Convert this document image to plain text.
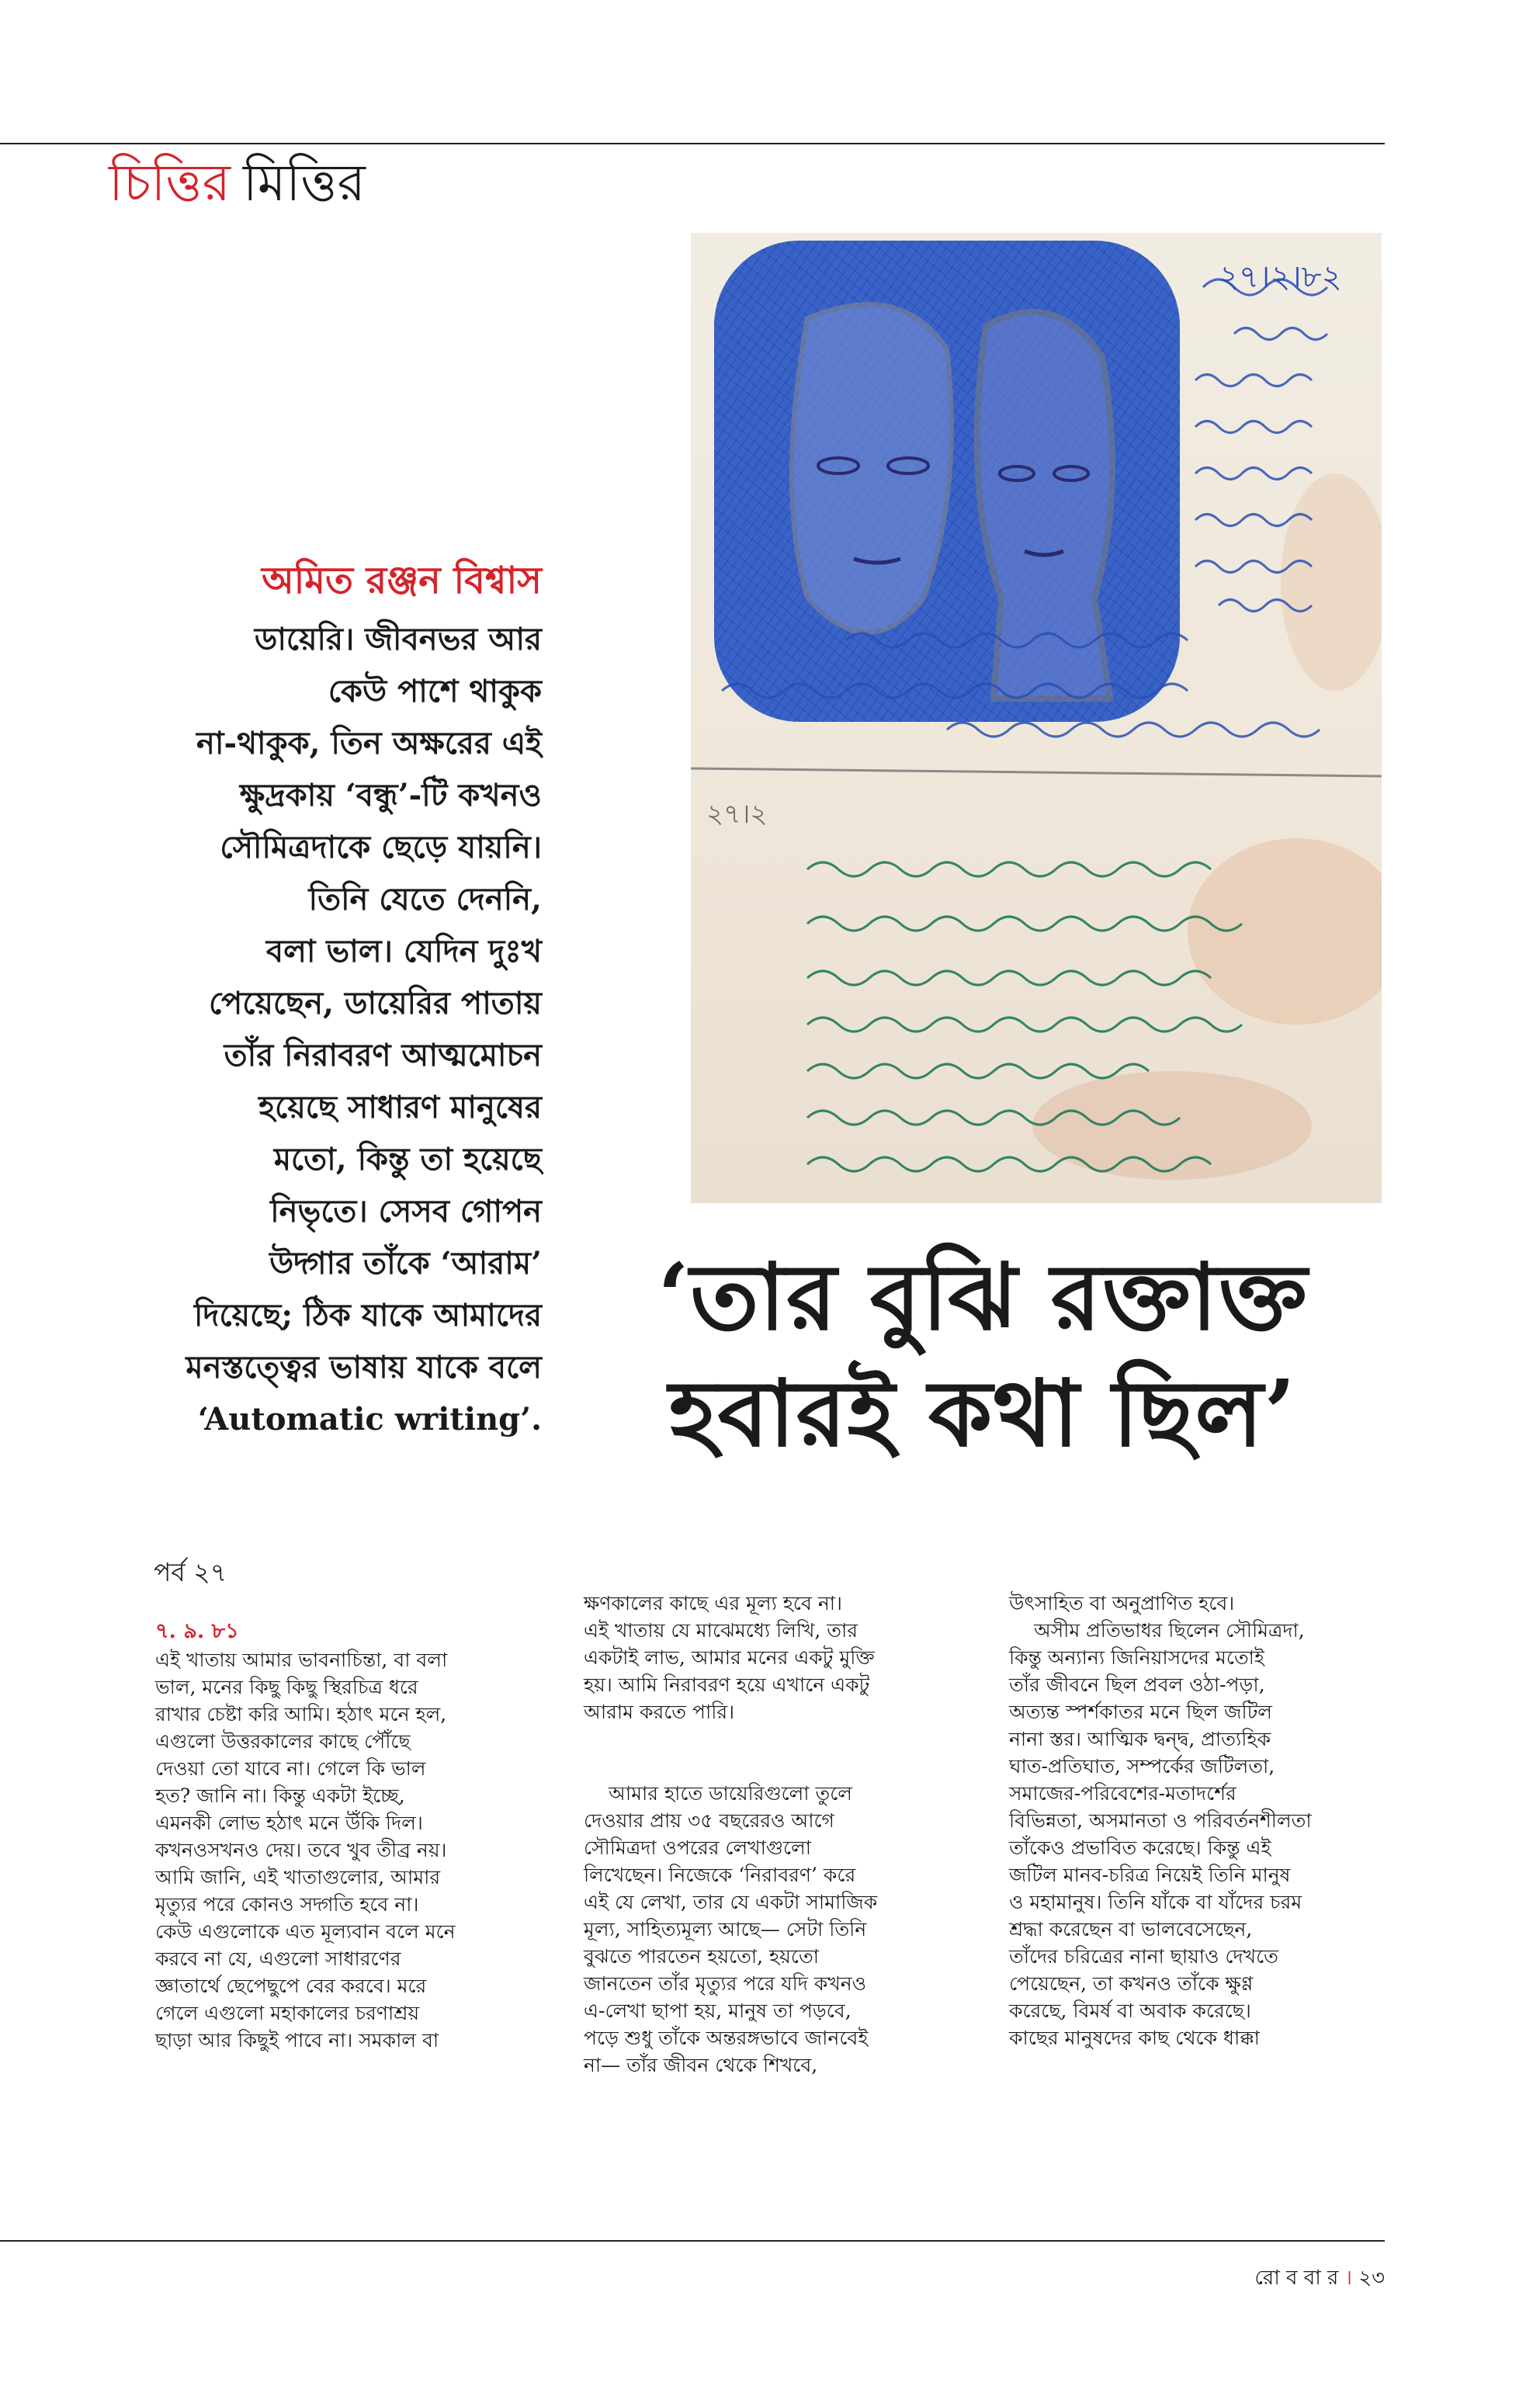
চিত্তির মিত্তির
২৭।২।৮২
২৭।২
অমিত রঞ্জন বিশ্বাস
ডায়েরি। জীবনভর আর
কেউ পাশে থাকুক
না-থাকুক, তিন অক্ষরের এই
ক্ষুদ্রকায় ‘বন্ধু’-টি কখনও
সৌমিত্রদাকে ছেড়ে যায়নি।
তিনি যেতে দেননি,
বলা ভাল। যেদিন দুঃখ
পেয়েছেন, ডায়েরির পাতায়
তাঁর নিরাবরণ আত্মমোচন
হয়েছে সাধারণ মানুষের
মতো, কিন্তু তা হয়েছে
নিভৃতে। সেসব গোপন
উদ্গার তাঁকে ‘আরাম’
দিয়েছে; ঠিক যাকে আমাদের
মনস্তত্ত্বের ভাষায় যাকে বলে
‘Automatic writing’.
‘তার বুঝি রক্তাক্ত
হবারই কথা ছিল’
পর্ব ২৭
৭. ৯. ৮১

এই খাতায় আমার ভাবনাচিন্তা, বা বলা

ভাল, মনের কিছু কিছু স্থিরচিত্র ধরে

রাখার চেষ্টা করি আমি। হঠাৎ মনে হল,

এগুলো উত্তরকালের কাছে পৌঁছে

দেওয়া তো যাবে না। গেলে কি ভাল

হত? জানি না। কিন্তু একটা ইচ্ছে,

এমনকী লোভ হঠাৎ মনে উঁকি দিল।

কখনওসখনও দেয়। তবে খুব তীব্র নয়।

আমি জানি, এই খাতাগুলোর, আমার

মৃত্যুর পরে কোনও সদ্গতি হবে না।

কেউ এগুলোকে এত মূল্যবান বলে মনে

করবে না যে, এগুলো সাধারণের

জ্ঞাতার্থে ছেপেছুপে বের করবে। মরে

গেলে এগুলো মহাকালের চরণাশ্রয়

ছাড়া আর কিছুই পাবে না। সমকাল বা

ক্ষণকালের কাছে এর মূল্য হবে না।

এই খাতায় যে মাঝেমধ্যে লিখি, তার

একটাই লাভ, আমার মনের একটু মুক্তি

হয়। আমি নিরাবরণ হয়ে এখানে একটু

আরাম করতে পারি।

আমার হাতে ডায়েরিগুলো তুলে

দেওয়ার প্রায় ৩৫ বছরেরও আগে

সৌমিত্রদা ওপরের লেখাগুলো

লিখেছেন। নিজেকে ‘নিরাবরণ’ করে

এই যে লেখা, তার যে একটা সামাজিক

মূল্য, সাহিত্যমূল্য আছে— সেটা তিনি

বুঝতে পারতেন হয়তো, হয়তো

জানতেন তাঁর মৃত্যুর পরে যদি কখনও

এ-লেখা ছাপা হয়, মানুষ তা পড়বে,

পড়ে শুধু তাঁকে অন্তরঙ্গভাবে জানবেই

না— তাঁর জীবন থেকে শিখবে,

উৎসাহিত বা অনুপ্রাণিত হবে।

অসীম প্রতিভাধর ছিলেন সৌমিত্রদা,

কিন্তু অন্যান্য জিনিয়াসদের মতোই

তাঁর জীবনে ছিল প্রবল ওঠা-পড়া,

অত্যন্ত স্পর্শকাতর মনে ছিল জটিল

নানা স্তর। আত্মিক দ্বন্দ্ব, প্রাত্যহিক

ঘাত-প্রতিঘাত, সম্পর্কের জটিলতা,

সমাজের-পরিবেশের-মতাদর্শের

বিভিন্নতা, অসমানতা ও পরিবর্তনশীলতা

তাঁকেও প্রভাবিত করেছে। কিন্তু এই

জটিল মানব-চরিত্র নিয়েই তিনি মানুষ

ও মহামানুষ। তিনি যাঁকে বা যাঁদের চরম

শ্রদ্ধা করেছেন বা ভালবেসেছেন,

তাঁদের চরিত্রের নানা ছায়াও দেখতে

পেয়েছেন, তা কখনও তাঁকে ক্ষুণ্ণ

করেছে, বিমর্ষ বা অবাক করেছে।

কাছের মানুষদের কাছ থেকে ধাক্কা

রো ব বা র । ২৩
